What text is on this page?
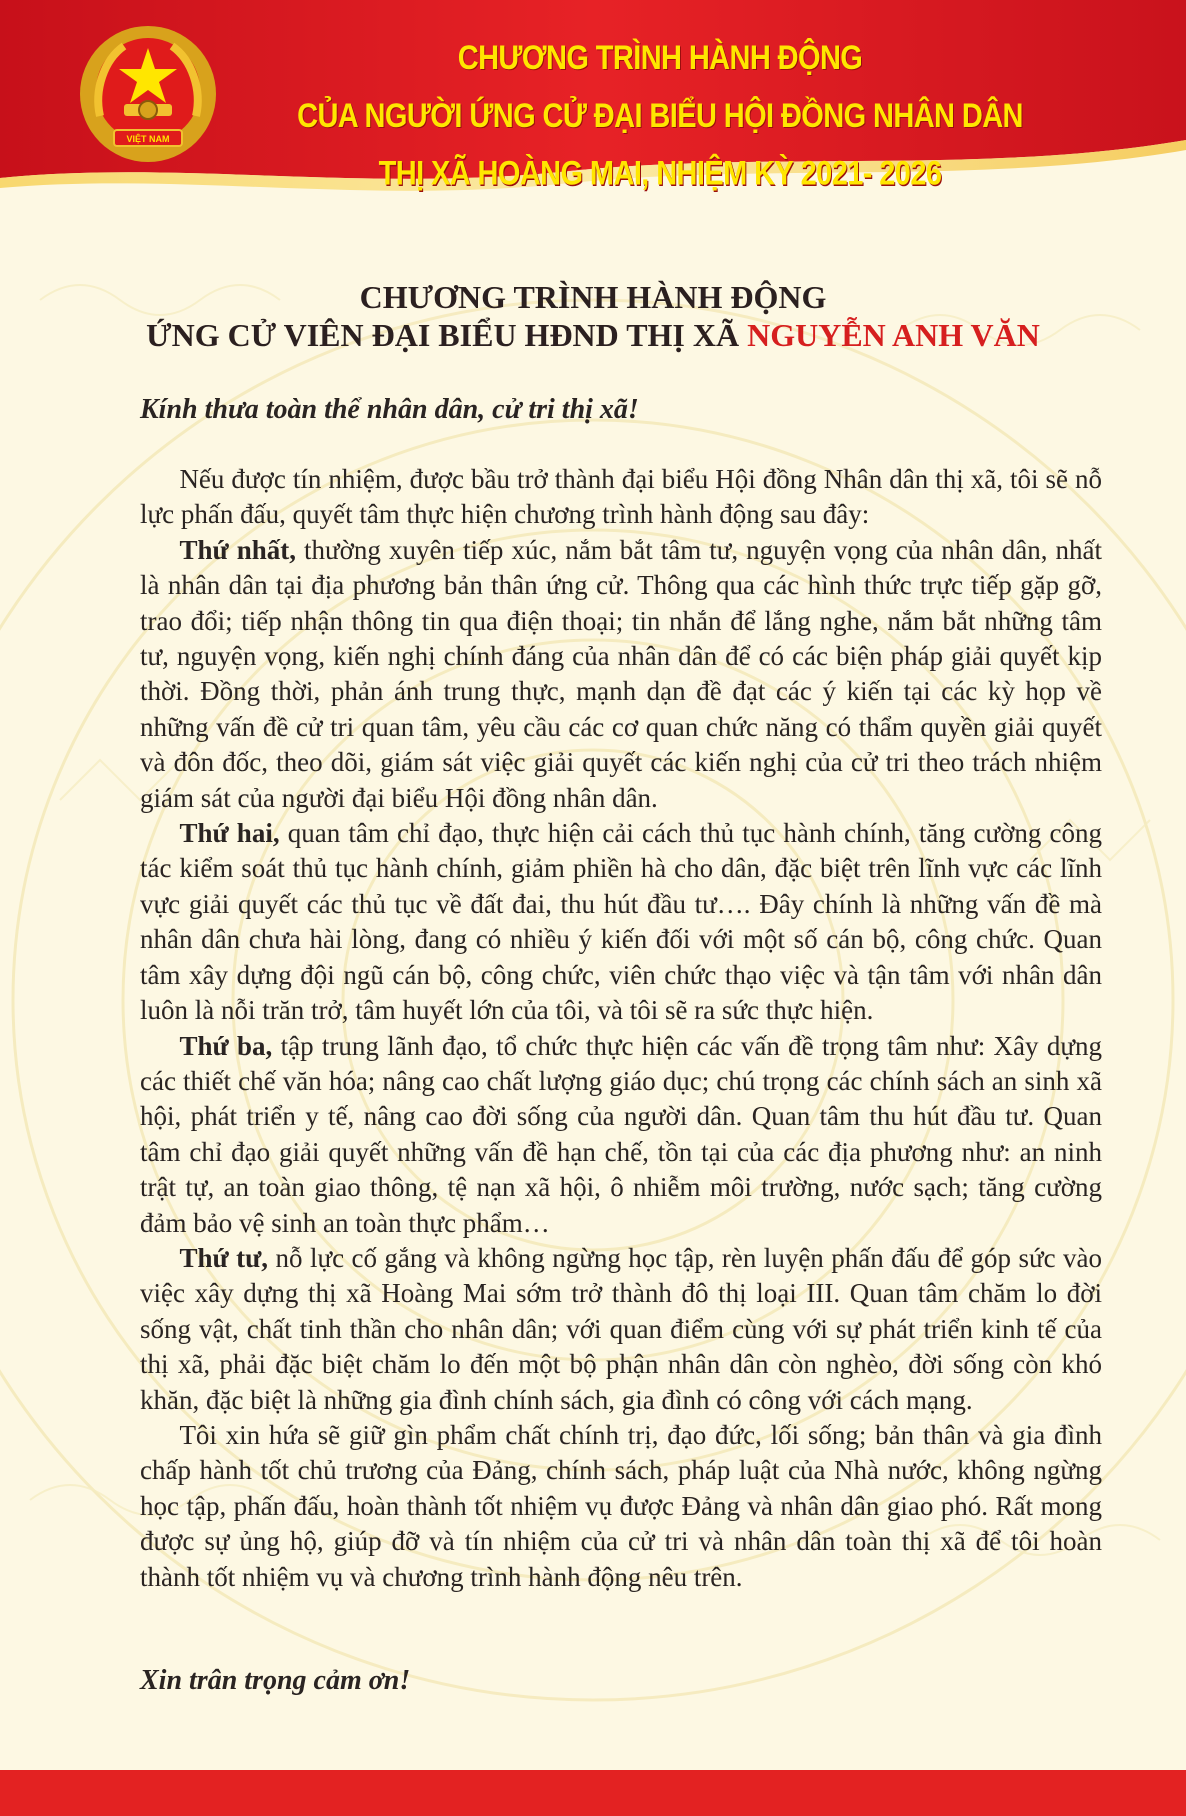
VIỆT NAM
CHƯƠNG TRÌNH HÀNH ĐỘNG
CỦA NGƯỜI ỨNG CỬ ĐẠI BIỂU HỘI ĐỒNG NHÂN DÂN
THỊ XÃ HOÀNG MAI, NHIỆM KỲ 2021- 2026
CHƯƠNG TRÌNH HÀNH ĐỘNG
ỨNG CỬ VIÊN ĐẠI BIỂU HĐND THỊ XÃ NGUYỄN ANH VĂN
Kính thưa toàn thể nhân dân, cử tri thị xã!

Nếu được tín nhiệm, được bầu trở thành đại biểu Hội đồng Nhân dân thị xã, tôi sẽ nỗ lực phấn đấu, quyết tâm thực hiện chương trình hành động sau đây:

Thứ nhất, thường xuyên tiếp xúc, nắm bắt tâm tư, nguyện vọng của nhân dân, nhất là nhân dân tại địa phương bản thân ứng cử. Thông qua các hình thức trực tiếp gặp gỡ, trao đổi; tiếp nhận thông tin qua điện thoại; tin nhắn để lắng nghe, nắm bắt những tâm tư, nguyện vọng, kiến nghị chính đáng của nhân dân để có các biện pháp giải quyết kịp thời. Đồng thời, phản ánh trung thực, mạnh dạn đề đạt các ý kiến tại các kỳ họp về những vấn đề cử tri quan tâm, yêu cầu các cơ quan chức năng có thẩm quyền giải quyết và đôn đốc, theo dõi, giám sát việc giải quyết các kiến nghị của cử tri theo trách nhiệm giám sát của người đại biểu Hội đồng nhân dân.

Thứ hai, quan tâm chỉ đạo, thực hiện cải cách thủ tục hành chính, tăng cường công tác kiểm soát thủ tục hành chính, giảm phiền hà cho dân, đặc biệt trên lĩnh vực các lĩnh vực giải quyết các thủ tục về đất đai, thu hút đầu tư…. Đây chính là những vấn đề mà nhân dân chưa hài lòng, đang có nhiều ý kiến đối với một số cán bộ, công chức. Quan tâm xây dựng đội ngũ cán bộ, công chức, viên chức thạo việc và tận tâm với nhân dân luôn là nỗi trăn trở, tâm huyết lớn của tôi, và tôi sẽ ra sức thực hiện.

Thứ ba, tập trung lãnh đạo, tổ chức thực hiện các vấn đề trọng tâm như: Xây dựng các thiết chế văn hóa; nâng cao chất lượng giáo dục; chú trọng các chính sách an sinh xã hội, phát triển y tế, nâng cao đời sống của người dân. Quan tâm thu hút đầu tư. Quan tâm chỉ đạo giải quyết những vấn đề hạn chế, tồn tại của các địa phương như: an ninh trật tự, an toàn giao thông, tệ nạn xã hội, ô nhiễm môi trường, nước sạch; tăng cường đảm bảo vệ sinh an toàn thực phẩm…

Thứ tư, nỗ lực cố gắng và không ngừng học tập, rèn luyện phấn đấu để góp sức vào việc xây dựng thị xã Hoàng Mai sớm trở thành đô thị loại III. Quan tâm chăm lo đời sống vật, chất tinh thần cho nhân dân; với quan điểm cùng với sự phát triển kinh tế của thị xã, phải đặc biệt chăm lo đến một bộ phận nhân dân còn nghèo, đời sống còn khó khăn, đặc biệt là những gia đình chính sách, gia đình có công với cách mạng.

Tôi xin hứa sẽ giữ gìn phẩm chất chính trị, đạo đức, lối sống; bản thân và gia đình chấp hành tốt chủ trương của Đảng, chính sách, pháp luật của Nhà nước, không ngừng học tập, phấn đấu, hoàn thành tốt nhiệm vụ được Đảng và nhân dân giao phó. Rất mong được sự ủng hộ, giúp đỡ và tín nhiệm của cử tri và nhân dân toàn thị xã để tôi hoàn thành tốt nhiệm vụ và chương trình hành động nêu trên.

Xin trân trọng cảm ơn!
